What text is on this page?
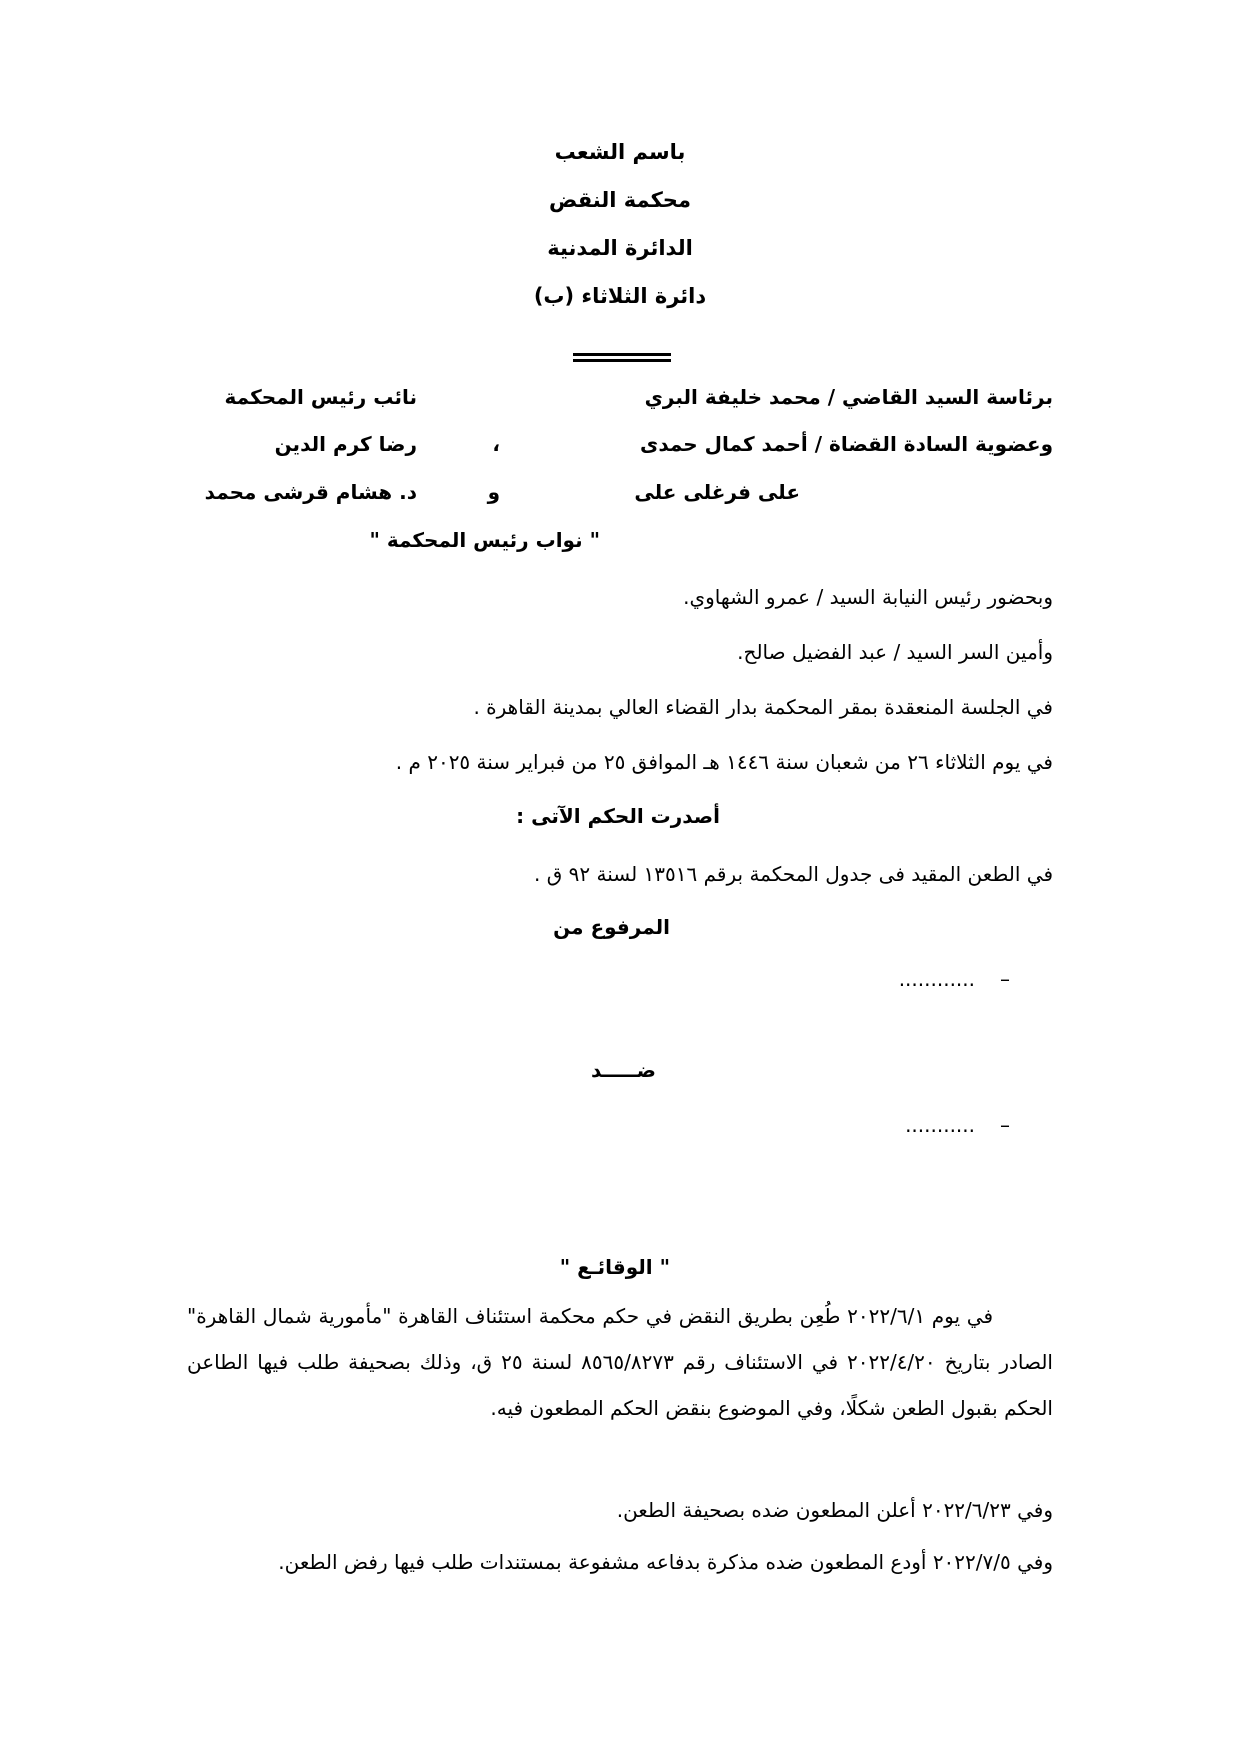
باسم الشعب
محكمة النقض
الدائرة المدنية
دائرة الثلاثاء (ب)
برئاسة السيد القاضي / محمد خليفة البري
نائب رئيس المحكمة
وعضوية السادة القضاة / أحمد كمال حمدى
،
رضا كرم الدين
على فرغلى على
و
د. هشام قرشى محمد
" نواب رئيس المحكمة "
وبحضور رئيس النيابة السيد / عمرو الشهاوي.
وأمين السر السيد / عبد الفضيل صالح.
في الجلسة المنعقدة بمقر المحكمة بدار القضاء العالي بمدينة القاهرة .
في يوم الثلاثاء ٢٦ من شعبان سنة ١٤٤٦ هـ الموافق ٢٥ من فبراير سنة ٢٠٢٥ م .
أصدرت الحكم الآتى :
في الطعن المقيد فى جدول المحكمة برقم ١٣٥١٦ لسنة ٩٢ ق .
المرفوع من
–
............
ضـــــد
–
...........
" الوقائـع "
في يوم ٢٠٢٢/٦/١ طُعِن بطريق النقض في حكم محكمة استئناف القاهرة "مأمورية شمال القاهرة" الصادر بتاريخ ٢٠٢٢/٤/٢٠ في الاستئناف رقم ٨٥٦٥/٨٢٧٣ لسنة ٢٥ ق، وذلك بصحيفة طلب فيها الطاعن الحكم بقبول الطعن شكلًا، وفي الموضوع بنقض الحكم المطعون فيه.
وفي ٢٠٢٢/٦/٢٣ أعلن المطعون ضده بصحيفة الطعن.
وفي ٢٠٢٢/٧/٥ أودع المطعون ضده مذكرة بدفاعه مشفوعة بمستندات طلب فيها رفض الطعن.
